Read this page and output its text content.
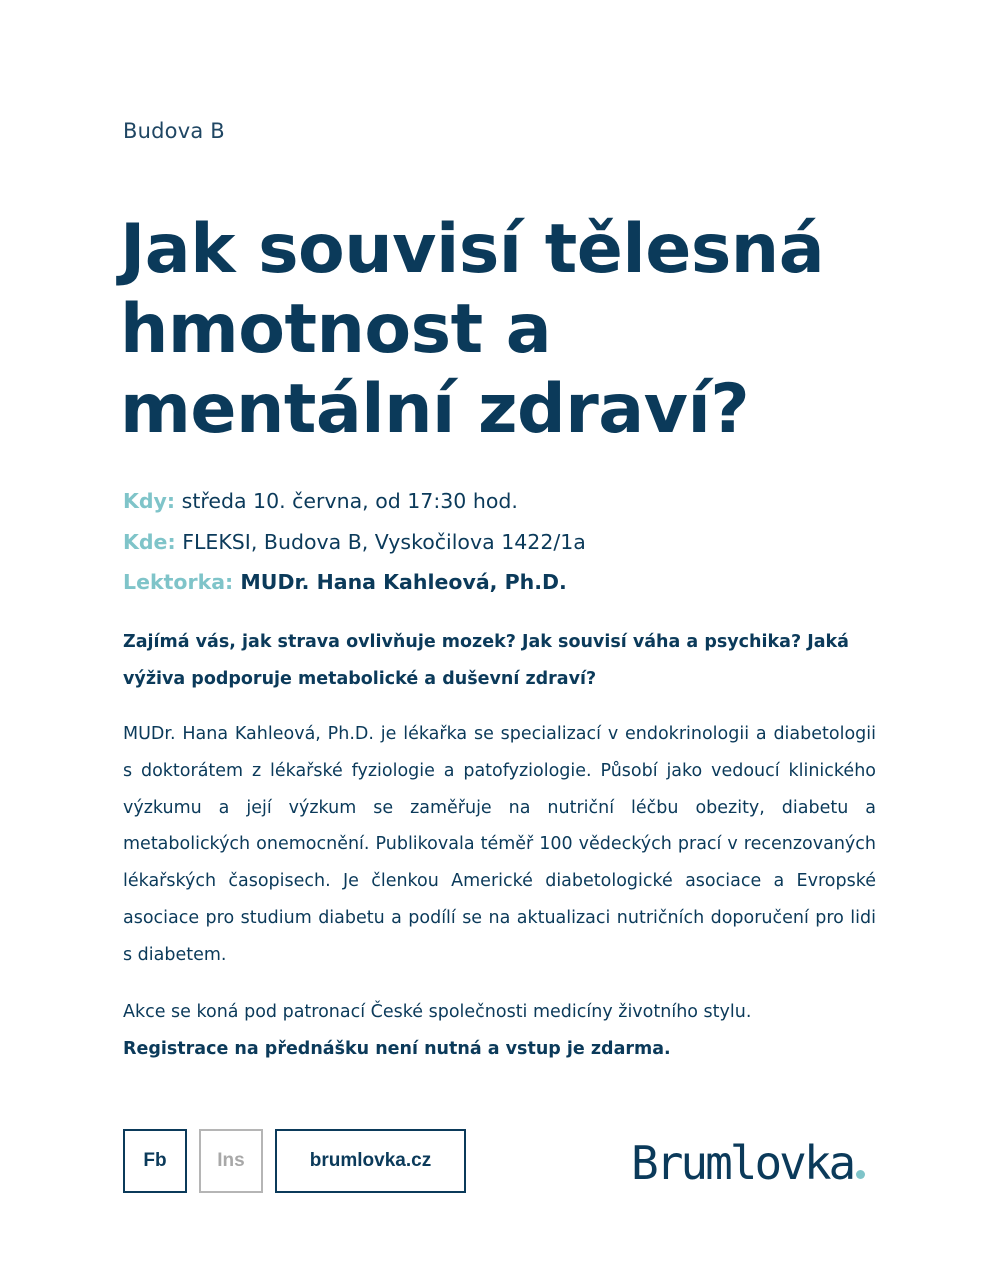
Budova B
Jak souvisí tělesná hmotnost a mentální zdraví?
Kdy: středa 10. června, od 17:30 hod.
Kde: FLEKSI, Budova B, Vyskočilova 1422/1a
Lektorka: MUDr. Hana Kahleová, Ph.D.

Zajímá vás, jak strava ovlivňuje mozek? Jak souvisí váha a psychika? Jaká výživa podporuje metabolické a duševní zdraví?

MUDr. Hana Kahleová, Ph.D. je lékařka se specializací v endokrinologii a diabetologii s doktorátem z lékařské fyziologie a patofyziologie. Působí jako vedoucí klinického výzkumu a její výzkum se zaměřuje na nutriční léčbu obezity, diabetu a metabolických onemocnění. Publikovala téměř 100 vědeckých prací v recenzovaných lékařských časopisech. Je členkou Americké diabetologické asociace a Evropské asociace pro studium diabetu a podílí se na aktualizaci nutričních doporučení pro lidi s diabetem.

Akce se koná pod patronací České společnosti medicíny životního stylu.
Registrace na přednášku není nutná a vstup je zdarma.

Fb	Ins	brumlovka.cz	Brumlovka
